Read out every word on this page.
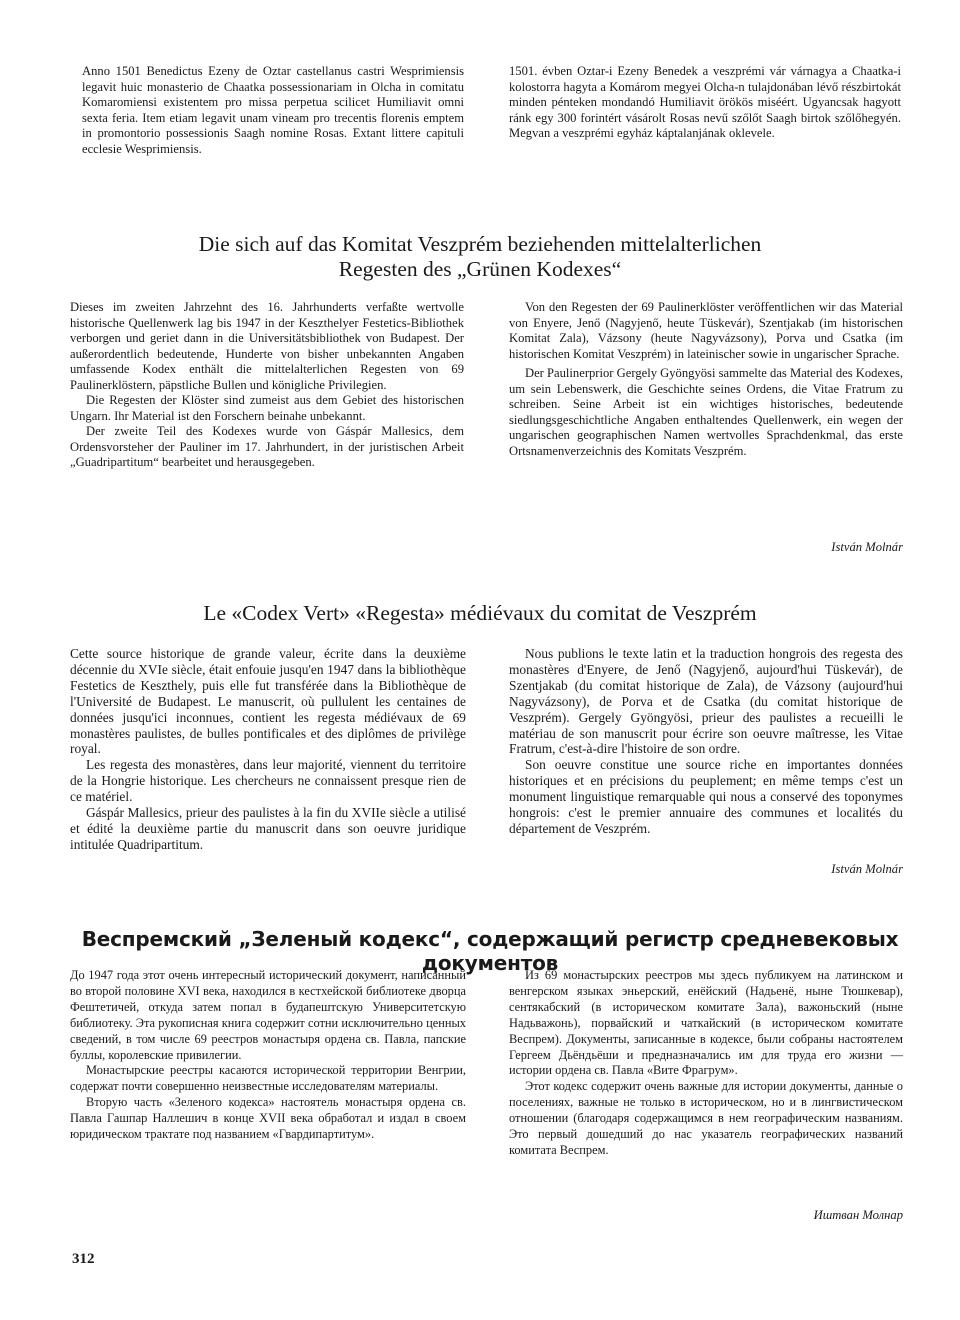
Anno 1501 Benedictus Ezeny de Oztar castellanus castri Wesprimiensis legavit huic monasterio de Chaatka possessionariam in Olcha in comitatu Komaromiensi existentem pro missa perpetua scilicet Humiliavit omni sexta feria. Item etiam legavit unam vineam pro trecentis florenis emptem in promontorio possessionis Saagh nomine Rosas. Extant littere capituli ecclesie Wesprimiensis.

1501. évben Oztar-i Ezeny Benedek a veszprémi vár várnagya a Chaatka-i kolostorra hagyta a Komárom megyei Olcha-n tulajdonában lévő részbirtokát minden pénteken mondandó Humiliavit örökös miséért. Ugyancsak hagyott ránk egy 300 forintért vásárolt Rosas nevű szőlőt Saagh birtok szőlőhegyén. Megvan a veszprémi egyház káptalanjának oklevele.

Die sich auf das Komitat Veszprém beziehenden mittelalterlichen
Regesten des „Grünen Kodexes“

Dieses im zweiten Jahrzehnt des 16. Jahrhunderts verfaßte wertvolle historische Quellenwerk lag bis 1947 in der Keszthelyer Festetics-Bibliothek verborgen und geriet dann in die Universitätsbibliothek von Budapest. Der außerordentlich bedeutende, Hunderte von bisher unbekannten Angaben umfassende Kodex enthält die mittelalterlichen Regesten von 69 Paulinerklöstern, päpstliche Bullen und königliche Privilegien.

Die Regesten der Klöster sind zumeist aus dem Gebiet des historischen Ungarn. Ihr Material ist den Forschern beinahe unbekannt.

Der zweite Teil des Kodexes wurde von Gáspár Mallesics, dem Ordensvorsteher der Pauliner im 17. Jahrhundert, in der juristischen Arbeit „Guadripartitum“ bearbeitet und herausgegeben.

Von den Regesten der 69 Paulinerklöster veröffentlichen wir das Material von Enyere, Jenő (Nagyjenő, heute Tüskevár), Szentjakab (im historischen Komitat Zala), Vázsony (heute Nagyvázsony), Porva und Csatka (im historischen Komitat Veszprém) in lateinischer sowie in ungarischer Sprache.

Der Paulinerprior Gergely Gyöngyösi sammelte das Material des Kodexes, um sein Lebenswerk, die Geschichte seines Ordens, die Vitae Fratrum zu schreiben. Seine Arbeit ist ein wichtiges historisches, bedeutende siedlungsgeschichtliche Angaben enthaltendes Quellenwerk, ein wegen der ungarischen geographischen Namen wertvolles Sprachdenkmal, das erste Ortsnamenverzeichnis des Komitats Veszprém.

István Molnár
Le «Codex Vert» «Regesta» médiévaux du comitat de Veszprém

Cette source historique de grande valeur, écrite dans la deuxième décennie du XVIe siècle, était enfouie jusqu'en 1947 dans la bibliothèque Festetics de Keszthely, puis elle fut transférée dans la Bibliothèque de l'Université de Budapest. Le manuscrit, où pullulent les centaines de données jusqu'ici inconnues, contient les regesta médiévaux de 69 monastères paulistes, de bulles pontificales et des diplômes de privilège royal.

Les regesta des monastères, dans leur majorité, viennent du territoire de la Hongrie historique. Les chercheurs ne connaissent presque rien de ce matériel.

Gáspár Mallesics, prieur des paulistes à la fin du XVIIe siècle a utilisé et édité la deuxième partie du manuscrit dans son oeuvre juridique intitulée Quadripartitum.

Nous publions le texte latin et la traduction hongrois des regesta des monastères d'Enyere, de Jenő (Nagyjenő, aujourd'hui Tüskevár), de Szentjakab (du comitat historique de Zala), de Vázsony (aujourd'hui Nagyvázsony), de Porva et de Csatka (du comitat historique de Veszprém). Gergely Gyöngyösi, prieur des paulistes a recueilli le matériau de son manuscrit pour écrire son oeuvre maîtresse, les Vitae Fratrum, c'est-à-dire l'histoire de son ordre.

Son oeuvre constitue une source riche en importantes données historiques et en précisions du peuplement; en même temps c'est un monument linguistique remarquable qui nous a conservé des toponymes hongrois: c'est le premier annuaire des communes et localités du département de Veszprém.

István Molnár
Веспремский „Зеленый кодекс“, содержащий регистр средневековых документов

До 1947 года этот очень интересный исторический документ, написанный во второй половине XVI века, находился в кестхейской библиотеке дворца Фештетичей, откуда затем попал в будапештскую Университетскую библиотеку. Эта рукописная книга содержит сотни исключительно ценных сведений, в том числе 69 реестров монастыря ордена св. Павла, папские буллы, королевские привилегии.

Монастырские реестры касаются исторической территории Венгрии, содержат почти совершенно неизвестные исследователям материалы.

Вторую часть «Зеленого кодекса» настоятель монастыря ордена св. Павла Гашпар Наллешич в конце XVII века обработал и издал в своем юридическом трактате под названием «Гвардипартитум».

Из 69 монастырских реестров мы здесь публикуем на латинском и венгерском языках эньерский, енёйский (Надьенё, ныне Тюшкевар), сентякабский (в историческом комитате Зала), важоньский (ныне Надьважонь), порвайский и чаткайский (в историческом комитате Веспрем). Документы, записанные в кодексе, были собраны настоятелем Гергеем Дьёндьёши и предназначались им для труда его жизни — истории ордена св. Павла «Вите Фрагрум».

Этот кодекс содержит очень важные для истории документы, данные о поселениях, важные не только в историческом, но и в лингвистическом отношении (благодаря содержащимся в нем географическим названиям. Это первый дошедший до нас указатель географических названий комитата Веспрем.

Иштван Молнар
312
